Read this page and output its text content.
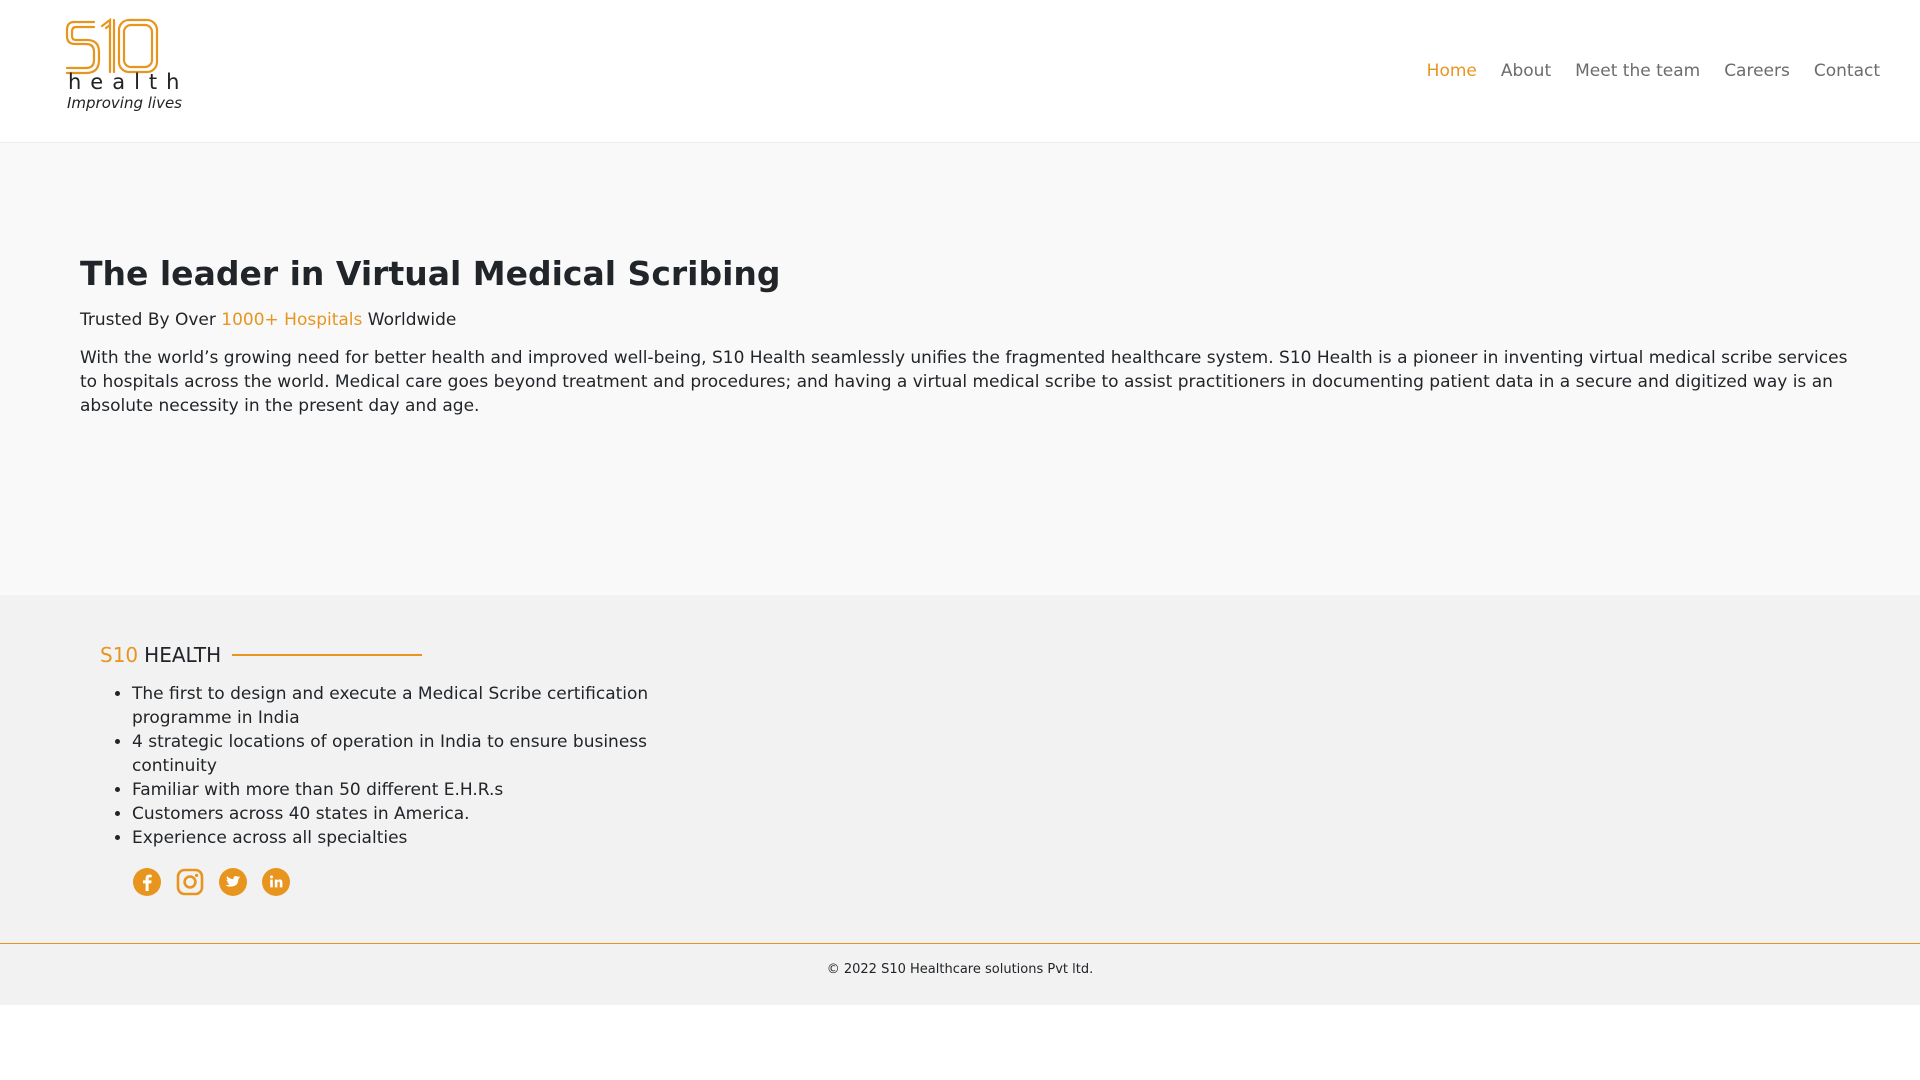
health
Improving lives
Home	About	Meet the team	Careers	Contact
The leader in Virtual Medical Scribing

Trusted By Over 1000+ Hospitals Worldwide

With the world’s growing need for better health and improved well-being, S10 Health seamlessly unifies the fragmented healthcare system. S10 Health is a pioneer in inventing virtual medical scribe services to hospitals across the world. Medical care goes beyond treatment and procedures; and having a virtual medical scribe to assist practitioners in documenting patient data in a secure and digitized way is an absolute necessity in the present day and age.

S10 HEALTH
• The first to design and execute a Medical Scribe certification programme in India
• 4 strategic locations of operation in India to ensure business continuity
• Familiar with more than 50 different E.H.R.s
• Customers across 40 states in America.
• Experience across all specialties

© 2022 S10 Healthcare solutions Pvt ltd.
